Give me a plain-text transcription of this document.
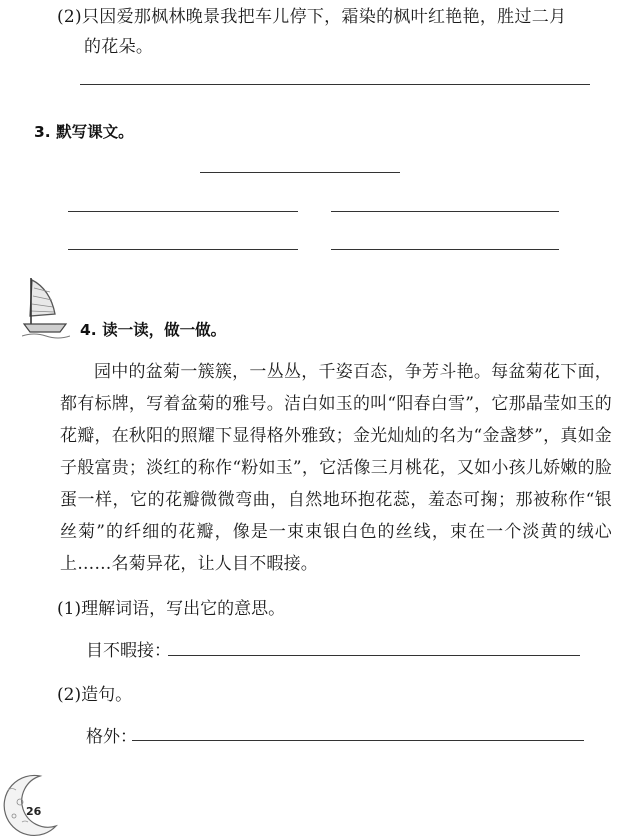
(2)只因爱那枫林晚景我把车儿停下，霜染的枫叶红艳艳，胜过二月
的花朵。
3. 默写课文。
4. 读一读，做一做。
园中的盆菊一簇簇，一丛丛，千姿百态，争芳斗艳。每盆菊花下面，都有标牌，写着盆菊的雅号。洁白如玉的叫“阳春白雪”，它那晶莹如玉的花瓣，在秋阳的照耀下显得格外雅致；金光灿灿的名为“金盏梦”，真如金子般富贵；淡红的称作“粉如玉”，它活像三月桃花，又如小孩儿娇嫩的脸蛋一样，它的花瓣微微弯曲，自然地环抱花蕊，羞态可掬；那被称作“银丝菊”的纤细的花瓣，像是一束束银白色的丝线，束在一个淡黄的绒心上……名菊异花，让人目不暇接。
(1)理解词语，写出它的意思。
目不暇接：
(2)造句。
格外：
26
